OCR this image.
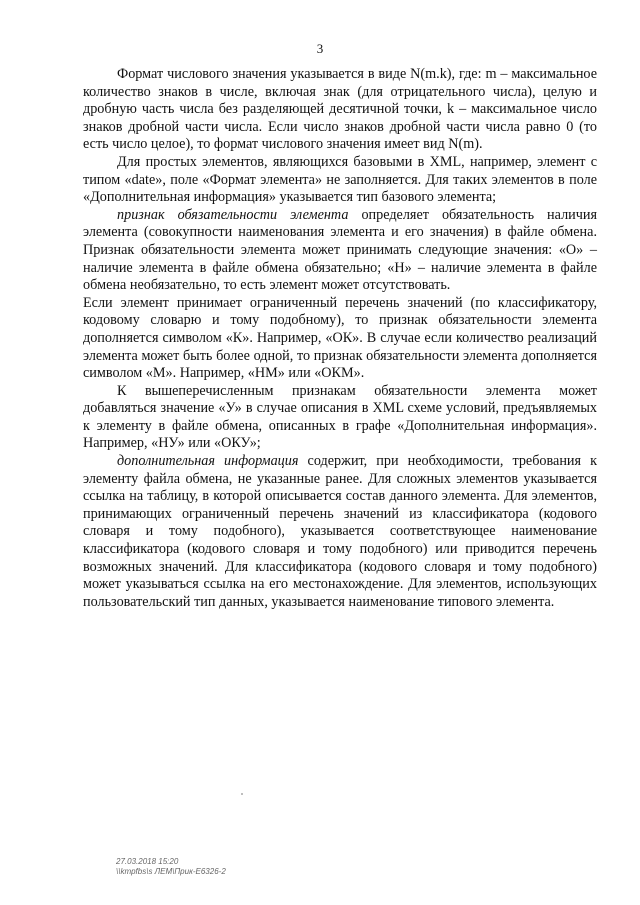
3

Формат числового значения указывается в виде N(m.k), где: m – максимальное количество знаков в числе, включая знак (для отрицательного числа), целую и дробную часть числа без разделяющей десятичной точки, k – максимальное число знаков дробной части числа. Если число знаков дробной части числа равно 0 (то есть число целое), то формат числового значения имеет вид N(m).

Для простых элементов, являющихся базовыми в XML, например, элемент с типом «date», поле «Формат элемента» не заполняется. Для таких элементов в поле «Дополнительная информация» указывается тип базового элемента;

признак обязательности элемента определяет обязательность наличия элемента (совокупности наименования элемента и его значения) в файле обмена. Признак обязательности элемента может принимать следующие значения: «О» – наличие элемента в файле обмена обязательно; «Н» – наличие элемента в файле обмена необязательно, то есть элемент может отсутствовать.

Если элемент принимает ограниченный перечень значений (по классификатору, кодовому словарю и тому подобному), то признак обязательности элемента дополняется символом «К». Например, «ОК». В случае если количество реализаций элемента может быть более одной, то признак обязательности элемента дополняется символом «М». Например, «НМ» или «ОКМ».

К вышеперечисленным признакам обязательности элемента может добавляться значение «У» в случае описания в XML схеме условий, предъявляемых к элементу в файле обмена, описанных в графе «Дополнительная информация». Например, «НУ» или «ОКУ»;

дополнительная информация содержит, при необходимости, требования к элементу файла обмена, не указанные ранее. Для сложных элементов указывается ссылка на таблицу, в которой описывается состав данного элемента. Для элементов, принимающих ограниченный перечень значений из классификатора (кодового словаря и тому подобного), указывается соответствующее наименование классификатора (кодового словаря и тому подобного) или приводится перечень возможных значений. Для классификатора (кодового словаря и тому подобного) может указываться ссылка на его местонахождение. Для элементов, использующих пользовательский тип данных, указывается наименование типового элемента.

27.03.2018 15:20
\\kmpfbs\s ЛЕМ\Прик-Е6326-2
